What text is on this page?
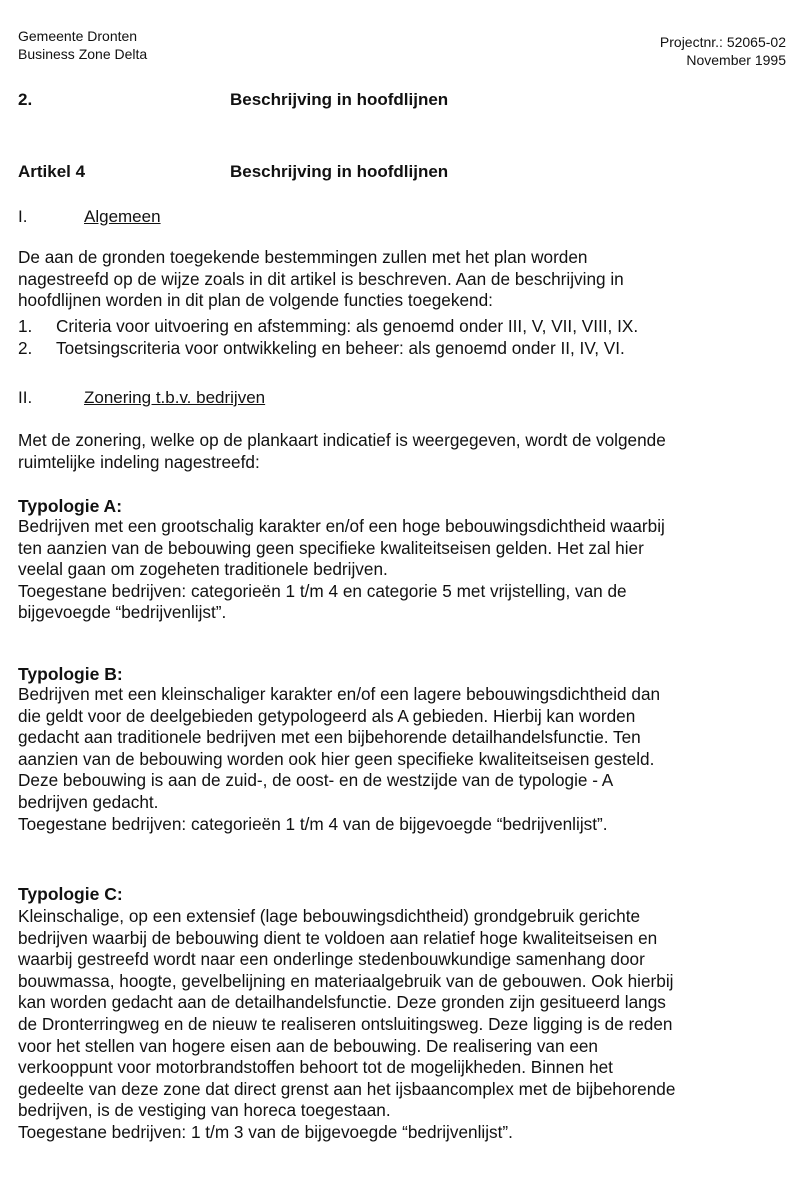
Gemeente Dronten
Business Zone Delta
Projectnr.: 52065-02
November 1995
2.	Beschrijving in hoofdlijnen
Artikel 4	Beschrijving in hoofdlijnen
I.	Algemeen

De aan de gronden toegekende bestemmingen zullen met het plan worden
nagestreefd op de wijze zoals in dit artikel is beschreven. Aan de beschrijving in
hoofdlijnen worden in dit plan de volgende functies toegekend:

1. Criteria voor uitvoering en afstemming: als genoemd onder III, V, VII, VIII, IX.
2. Toetsingscriteria voor ontwikkeling en beheer: als genoemd onder II, IV, VI.
II.	Zonering t.b.v. bedrijven

Met de zonering, welke op de plankaart indicatief is weergegeven, wordt de volgende
ruimtelijke indeling nagestreefd:

Typologie A:

Bedrijven met een grootschalig karakter en/of een hoge bebouwingsdichtheid waarbij
ten aanzien van de bebouwing geen specifieke kwaliteitseisen gelden. Het zal hier
veelal gaan om zogeheten traditionele bedrijven.
Toegestane bedrijven: categorieën 1 t/m 4 en categorie 5 met vrijstelling, van de
bijgevoegde “bedrijvenlijst”.

Typologie B:

Bedrijven met een kleinschaliger karakter en/of een lagere bebouwingsdichtheid dan
die geldt voor de deelgebieden getypologeerd als A gebieden. Hierbij kan worden
gedacht aan traditionele bedrijven met een bijbehorende detailhandelsfunctie. Ten
aanzien van de bebouwing worden ook hier geen specifieke kwaliteitseisen gesteld.
Deze bebouwing is aan de zuid-, de oost- en de westzijde van de typologie - A
bedrijven gedacht.
Toegestane bedrijven: categorieën 1 t/m 4 van de bijgevoegde “bedrijvenlijst”.

Typologie C:

Kleinschalige, op een extensief (lage bebouwingsdichtheid) grondgebruik gerichte
bedrijven waarbij de bebouwing dient te voldoen aan relatief hoge kwaliteitseisen en
waarbij gestreefd wordt naar een onderlinge stedenbouwkundige samenhang door
bouwmassa, hoogte, gevelbelijning en materiaalgebruik van de gebouwen. Ook hierbij
kan worden gedacht aan de detailhandelsfunctie. Deze gronden zijn gesitueerd langs
de Dronterringweg en de nieuw te realiseren ontsluitingsweg. Deze ligging is de reden
voor het stellen van hogere eisen aan de bebouwing. De realisering van een
verkooppunt voor motorbrandstoffen behoort tot de mogelijkheden. Binnen het
gedeelte van deze zone dat direct grenst aan het ijsbaancomplex met de bijbehorende
bedrijven, is de vestiging van horeca toegestaan.
Toegestane bedrijven: 1 t/m 3 van de bijgevoegde “bedrijvenlijst”.
